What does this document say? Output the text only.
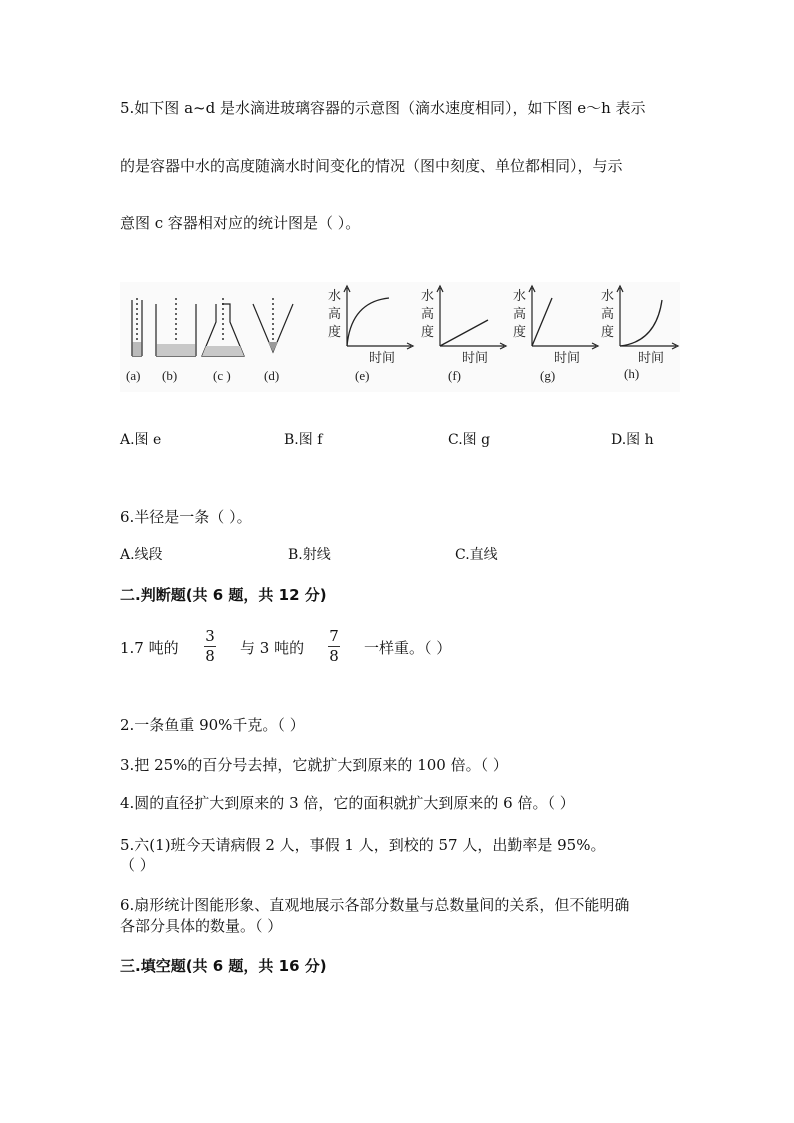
5.如下图 a~d 是水滴进玻璃容器的示意图（滴水速度相同），如下图 e～h 表示
的是容器中水的高度随滴水时间变化的情况（图中刻度、单位都相同），与示
意图 c 容器相对应的统计图是（ ）。
(a) (b)	(c )	(d)
水
高
度
时间
(e)
水
高
度
时间
(f)
水
高
度
时间
(g)
水
高
度
时间
(h)
A.图 e	B.图 f	C.图 g	D.图 h
6.半径是一条（ ）。
A.线段	B.射线	C.直线
二.判断题(共 6 题，共 12 分)
1.7 吨的
3
8	与 3 吨的
7
8	一样重。（ ）
2.一条鱼重 90%千克。（ ）
3.把 25%的百分号去掉，它就扩大到原来的 100 倍。（ ）
4.圆的直径扩大到原来的 3 倍，它的面积就扩大到原来的 6 倍。（ ）
5.六(1)班今天请病假 2 人，事假 1 人，到校的 57 人，出勤率是 95%。
（ ）
6.扇形统计图能形象、直观地展示各部分数量与总数量间的关系，但不能明确
各部分具体的数量。（ ）
三.填空题(共 6 题，共 16 分)
